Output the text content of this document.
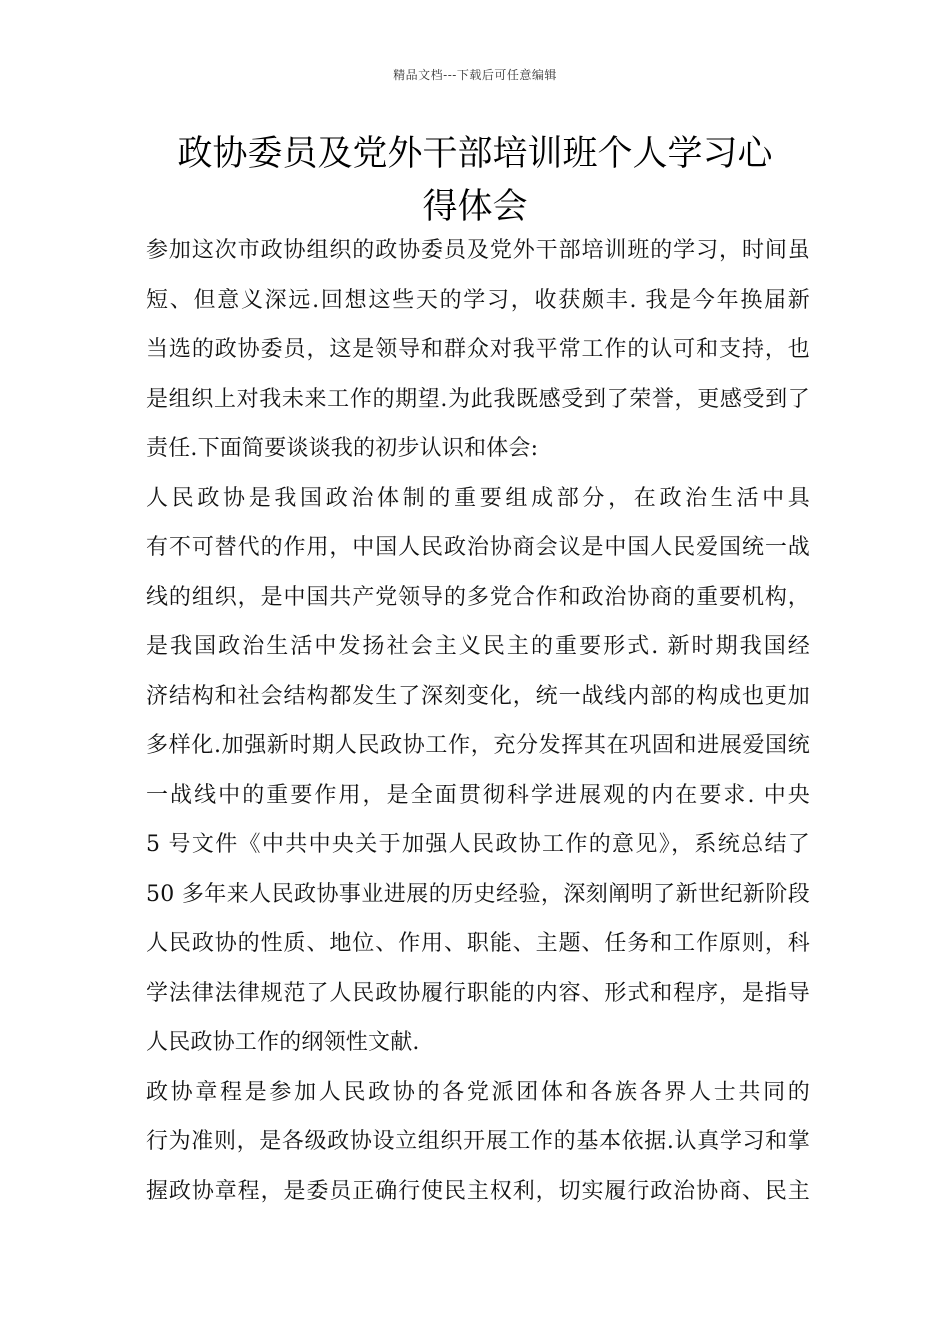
精品文档---下载后可任意编辑
政协委员及党外干部培训班个人学习心
得体会
参加这次市政协组织的政协委员及党外干部培训班的学习，时间虽
短、但意义深远.回想这些天的学习，收获颇丰. 我是今年换届新
当选的政协委员，这是领导和群众对我平常工作的认可和支持，也
是组织上对我未来工作的期望.为此我既感受到了荣誉，更感受到了
责任.下面简要谈谈我的初步认识和体会:
人民政协是我国政治体制的重要组成部分，在政治生活中具
有不可替代的作用，中国人民政治协商会议是中国人民爱国统一战
线的组织，是中国共产党领导的多党合作和政治协商的重要机构，
是我国政治生活中发扬社会主义民主的重要形式. 新时期我国经
济结构和社会结构都发生了深刻变化，统一战线内部的构成也更加
多样化.加强新时期人民政协工作，充分发挥其在巩固和进展爱国统
一战线中的重要作用，是全面贯彻科学进展观的内在要求. 中央
5 号文件《中共中央关于加强人民政协工作的意见》，系统总结了
50 多年来人民政协事业进展的历史经验，深刻阐明了新世纪新阶段
人民政协的性质、地位、作用、职能、主题、任务和工作原则，科
学法律法律规范了人民政协履行职能的内容、形式和程序，是指导
人民政协工作的纲领性文献.
政协章程是参加人民政协的各党派团体和各族各界人士共同的
行为准则，是各级政协设立组织开展工作的基本依据.认真学习和掌
握政协章程，是委员正确行使民主权利，切实履行政治协商、民主
